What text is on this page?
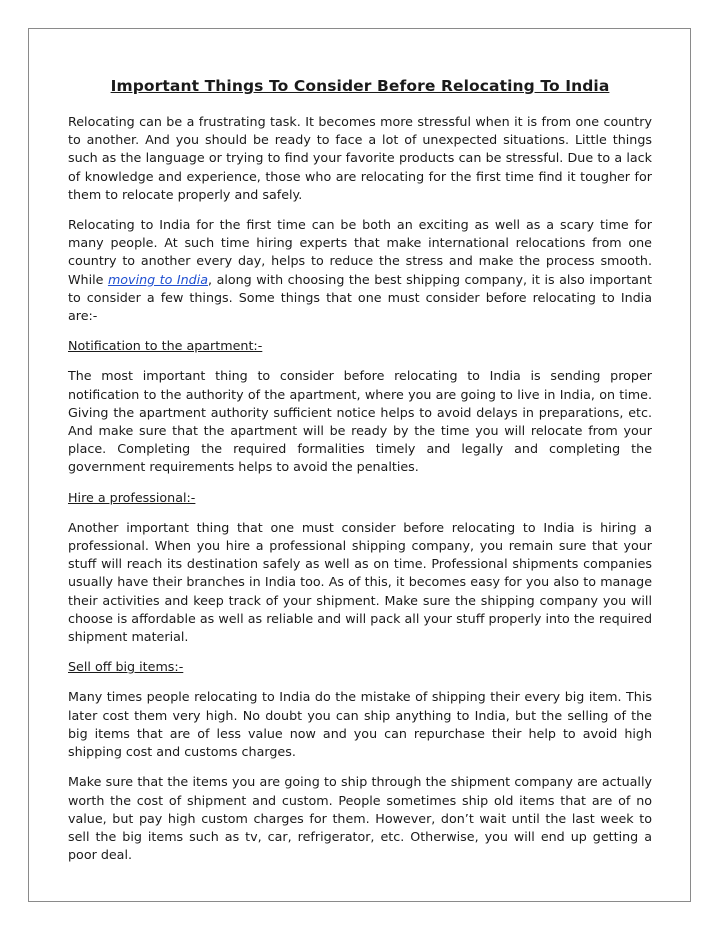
Important Things To Consider Before Relocating To India

Relocating can be a frustrating task. It becomes more stressful when it is from one country to another. And you should be ready to face a lot of unexpected situations. Little things such as the language or trying to find your favorite products can be stressful. Due to a lack of knowledge and experience, those who are relocating for the first time find it tougher for them to relocate properly and safely.

Relocating to India for the first time can be both an exciting as well as a scary time for many people. At such time hiring experts that make international relocations from one country to another every day, helps to reduce the stress and make the process smooth. While moving to India, along with choosing the best shipping company, it is also important to consider a few things. Some things that one must consider before relocating to India are:-

Notification to the apartment:-

The most important thing to consider before relocating to India is sending proper notification to the authority of the apartment, where you are going to live in India, on time. Giving the apartment authority sufficient notice helps to avoid delays in preparations, etc. And make sure that the apartment will be ready by the time you will relocate from your place. Completing the required formalities timely and legally and completing the government requirements helps to avoid the penalties.

Hire a professional:-

Another important thing that one must consider before relocating to India is hiring a professional. When you hire a professional shipping company, you remain sure that your stuff will reach its destination safely as well as on time. Professional shipments companies usually have their branches in India too. As of this, it becomes easy for you also to manage their activities and keep track of your shipment. Make sure the shipping company you will choose is affordable as well as reliable and will pack all your stuff properly into the required shipment material.

Sell off big items:-

Many times people relocating to India do the mistake of shipping their every big item. This later cost them very high. No doubt you can ship anything to India, but the selling of the big items that are of less value now and you can repurchase their help to avoid high shipping cost and customs charges.

Make sure that the items you are going to ship through the shipment company are actually worth the cost of shipment and custom. People sometimes ship old items that are of no value, but pay high custom charges for them. However, don’t wait until the last week to sell the big items such as tv, car, refrigerator, etc. Otherwise, you will end up getting a poor deal.
